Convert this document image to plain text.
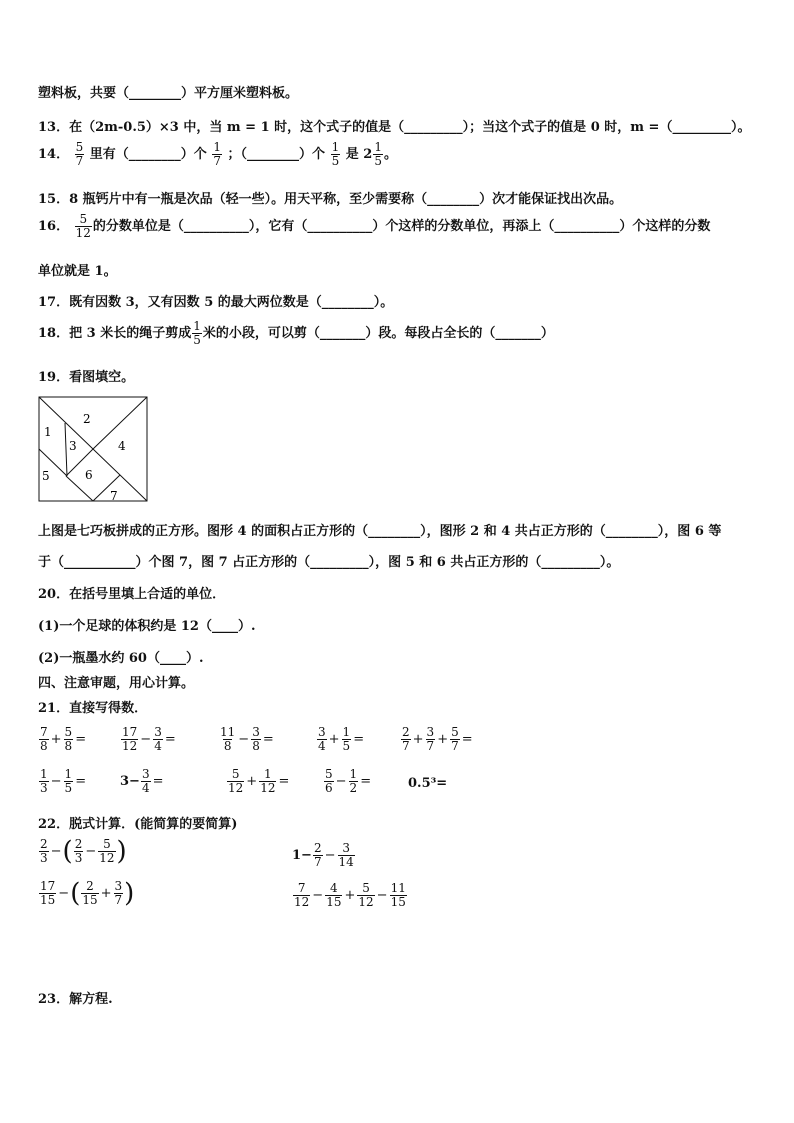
塑料板，共要（________）平方厘米塑料板。
13．在（2m-0.5）×3 中，当 m = 1 时，这个式子的值是（_________）；当这个式子的值是 0 时，m =（_________）。
14． $\frac{5}{7}$ 里有（________）个 $\frac{1}{7}$ ；（________）个 $\frac{1}{5}$ 是 $2 \frac{1}{5}$ 。
15．8 瓶钙片中有一瓶是次品（轻一些）。用天平称，至少需要称（________）次才能保证找出次品。
16． $\frac{5}{12}$ 的分数单位是（__________），它有（__________）个这样的分数单位，再添上（__________）个这样的分数
单位就是 1。
17．既有因数 3，又有因数 5 的最大两位数是（________）。
18．把 3 米长的绳子剪成 $\frac{1}{5}$ 米的小段，可以剪（_______）段。每段占全长的（_______）
19．看图填空。
1
2
3	4
5	6
7
上图是七巧板拼成的正方形。图形 4 的面积占正方形的（________），图形 2 和 4 共占正方形的（________），图 6 等
于（___________）个图 7，图 7 占正方形的（_________），图 5 和 6 共占正方形的（_________）。
20．在括号里填上合适的单位．
(1)一个足球的体积约是 12（____）.
(2)一瓶墨水约 60（____）.
四、注意审题，用心计算。
21．直接写得数．
22．脱式计算．(能简算的要简算)
$\frac{2}{3}$ −( $\frac{2}{3} - \frac{5}{12}$ )	$1- \frac{2}{7} - \frac{3}{14}$
$\frac{17}{15}$ −( $\frac{2}{15} + \frac{3}{7}$ )	$\frac{7}{12} - \frac{4}{15} + \frac{5}{12} - \frac{11}{15}$
23．解方程.
$\frac{7}{8} + \frac{5}{8}$ =	$\frac{17}{12} - \frac{3}{4}$ =	$\frac{11}{8} - \frac{3}{8}$ =	$\frac{3}{4} + \frac{1}{5}$ =	$\frac{2}{7} + \frac{3}{7} + \frac{5}{7}$ =
$\frac{1}{3} - \frac{1}{5}$ =	$3- \frac{3}{4}$ =	$\frac{5}{12} + \frac{1}{12}$ =	$\frac{5}{6} - \frac{1}{2}$ =	0.5³=
